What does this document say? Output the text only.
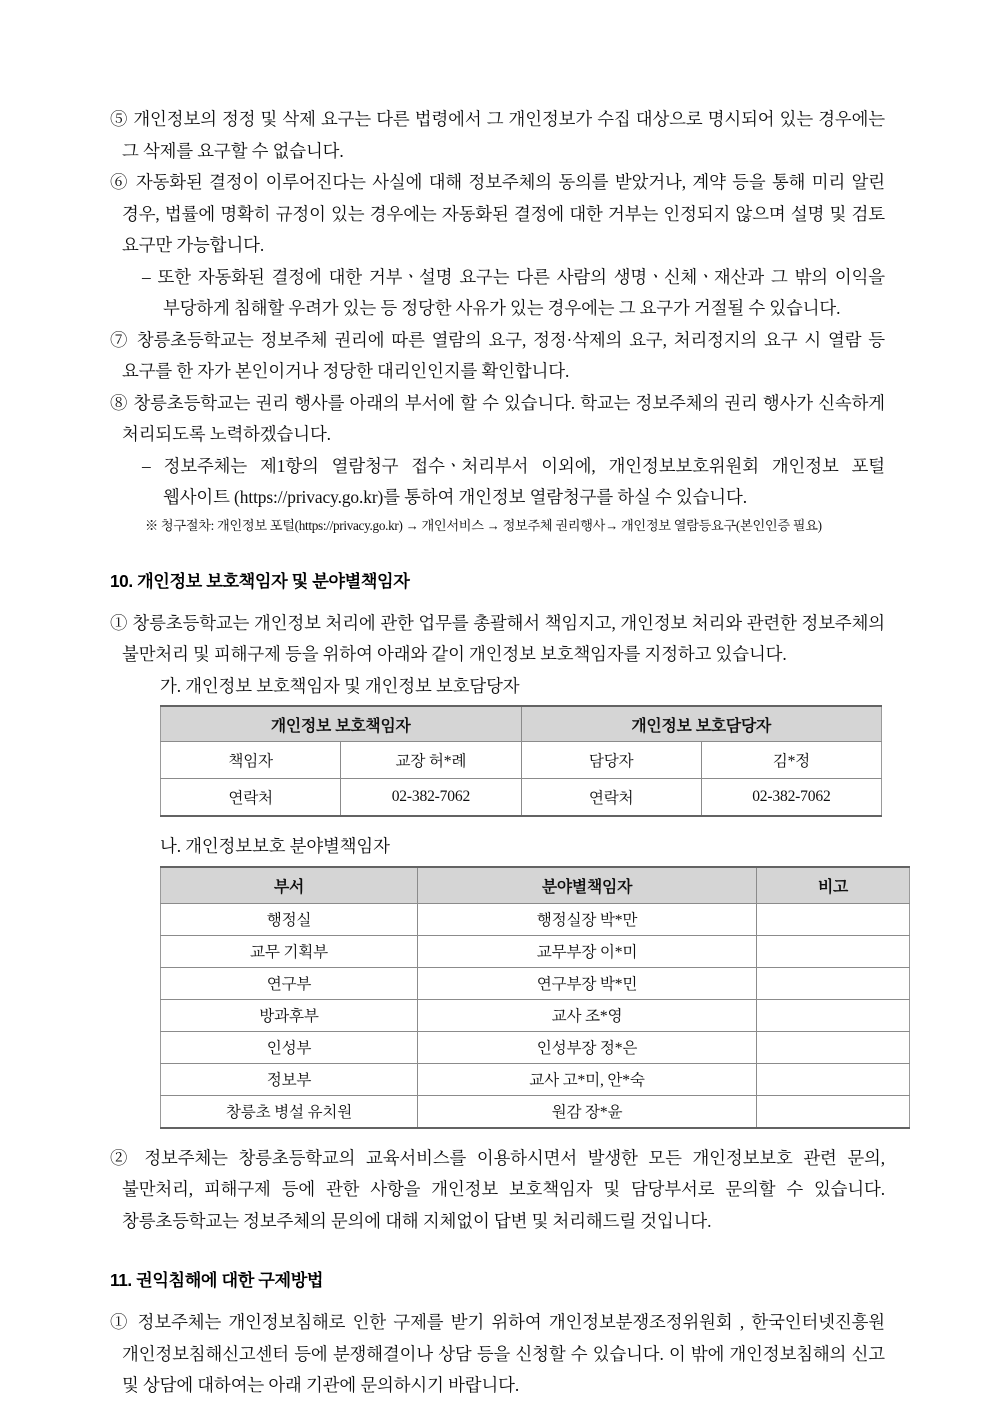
⑤ 개인정보의 정정 및 삭제 요구는 다른 법령에서 그 개인정보가 수집 대상으로 명시되어 있는 경우에는 그 삭제를 요구할 수 없습니다.

⑥ 자동화된 결정이 이루어진다는 사실에 대해 정보주체의 동의를 받았거나, 계약 등을 통해 미리 알린 경우, 법률에 명확히 규정이 있는 경우에는 자동화된 결정에 대한 거부는 인정되지 않으며 설명 및 검토 요구만 가능합니다.

– 또한 자동화된 결정에 대한 거부ㆍ설명 요구는 다른 사람의 생명ㆍ신체ㆍ재산과 그 밖의 이익을 부당하게 침해할 우려가 있는 등 정당한 사유가 있는 경우에는 그 요구가 거절될 수 있습니다.

⑦ 창릉초등학교는 정보주체 권리에 따른 열람의 요구, 정정·삭제의 요구, 처리정지의 요구 시 열람 등 요구를 한 자가 본인이거나 정당한 대리인인지를 확인합니다.

⑧ 창릉초등학교는 권리 행사를 아래의 부서에 할 수 있습니다. 학교는 정보주체의 권리 행사가 신속하게 처리되도록 노력하겠습니다.

– 정보주체는 제1항의 열람청구 접수ㆍ처리부서 이외에, 개인정보보호위원회 개인정보 포털 웹사이트 (https://privacy.go.kr)를 통하여 개인정보 열람청구를 하실 수 있습니다.

※ 청구절차: 개인정보 포털(https://privacy.go.kr) → 개인서비스 → 정보주체 권리행사→ 개인정보 열람등요구(본인인증 필요)

10. 개인정보 보호책임자 및 분야별책임자

① 창릉초등학교는 개인정보 처리에 관한 업무를 총괄해서 책임지고, 개인정보 처리와 관련한 정보주체의 불만처리 및 피해구제 등을 위하여 아래와 같이 개인정보 보호책임자를 지정하고 있습니다.

가. 개인정보 보호책임자 및 개인정보 보호담당자

개인정보 보호책임자		개인정보 보호담당자	
책임자	교장 허*례	담당자	김*정
연락처	02-382-7062	연락처	02-382-7062

나. 개인정보보호 분야별책임자

부서	분야별책임자	비고
행정실	행정실장 박*만	
교무 기획부	교무부장 이*미	
연구부	연구부장 박*민	
방과후부	교사 조*영	
인성부	인성부장 정*은	
정보부	교사 고*미, 안*숙	
창릉초 병설 유치원	원감 장*윤	

② 정보주체는 창릉초등학교의 교육서비스를 이용하시면서 발생한 모든 개인정보보호 관련 문의, 불만처리, 피해구제 등에 관한 사항을 개인정보 보호책임자 및 담당부서로 문의할 수 있습니다. 창릉초등학교는 정보주체의 문의에 대해 지체없이 답변 및 처리해드릴 것입니다.

11. 권익침해에 대한 구제방법

① 정보주체는 개인정보침해로 인한 구제를 받기 위하여 개인정보분쟁조정위원회 , 한국인터넷진흥원 개인정보침해신고센터 등에 분쟁해결이나 상담 등을 신청할 수 있습니다. 이 밖에 개인정보침해의 신고 및 상담에 대하여는 아래 기관에 문의하시기 바랍니다.
